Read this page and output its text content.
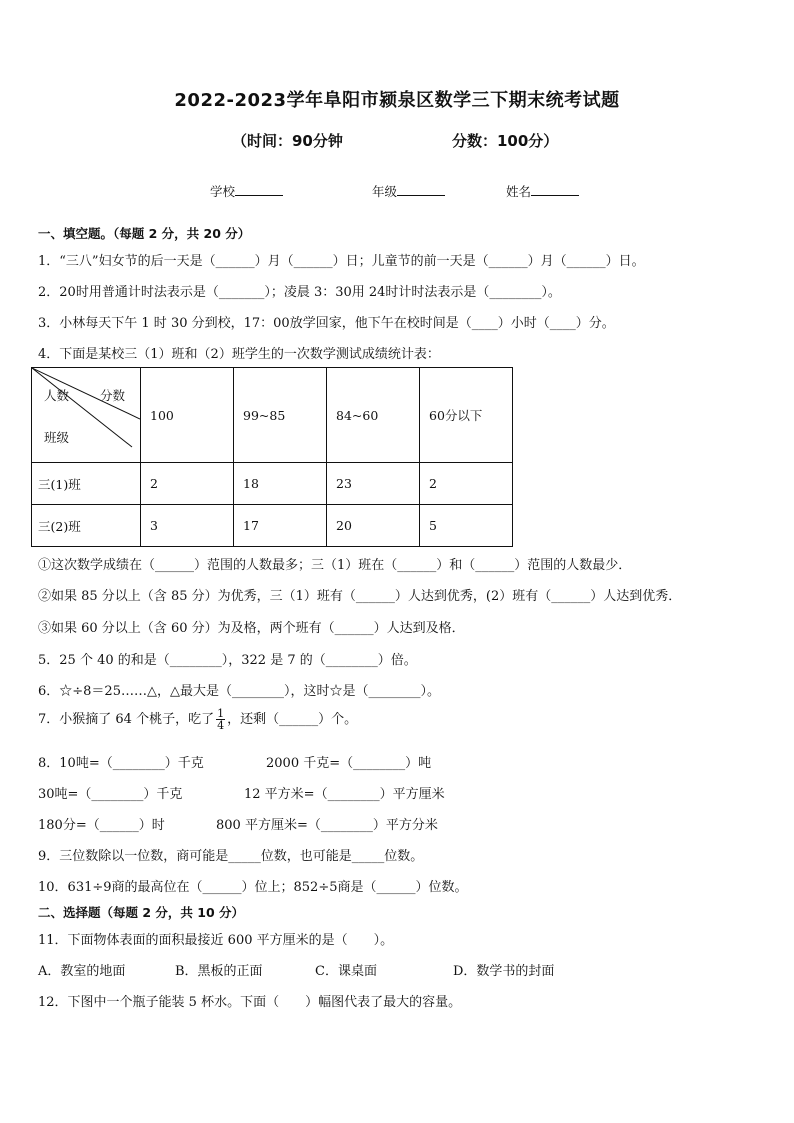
2022-2023学年阜阳市颍泉区数学三下期末统考试题
（时间：90分钟	分数：100分）
学校	年级	姓名
一、填空题。（每题 2 分，共 20 分）
1．“三八”妇女节的后一天是（______）月（______）日；儿童节的前一天是（______）月（______）日。
2．20时用普通计时法表示是（_______）；凌晨 3：30用 24时计时法表示是（________）。
3．小林每天下午 1 时 30 分到校，17：00放学回家，他下午在校时间是（____）小时（____）分。
4．下面是某校三（1）班和（2）班学生的一次数学测试成绩统计表：
人数 分数
班级	100	99~85	84~60	60分以下
三(1)班	2	18	23	2
三(2)班	3	17	20	5
①这次数学成绩在（______）范围的人数最多；三（1）班在（______）和（______）范围的人数最少．
②如果 85 分以上（含 85 分）为优秀，三（1）班有（______）人达到优秀，(2）班有（______）人达到优秀．
③如果 60 分以上（含 60 分）为及格，两个班有（______）人达到及格．
5．25 个 40 的和是（________），322 是 7 的（________）倍。
6．☆÷8＝25……△，△最大是（________），这时☆是（________）。
7．小猴摘了 64 个桃子，吃了 $\frac{1}{4}$ ，还剩（______）个。
8．10吨=（________）千克	2000 千克=（________）吨
30吨=（________）千克	12 平方米=（________）平方厘米
180分=（______）时	800 平方厘米=（________）平方分米
9．三位数除以一位数，商可能是_____位数，也可能是_____位数。
10．631÷9商的最高位在（______）位上；852÷5商是（______）位数。
二、选择题（每题 2 分，共 10 分）
11．下面物体表面的面积最接近 600 平方厘米的是（　　）。
A．教室的地面	B．黑板的正面	C．课桌面	D．数学书的封面
12．下图中一个瓶子能装 5 杯水。下面（　　）幅图代表了最大的容量。
